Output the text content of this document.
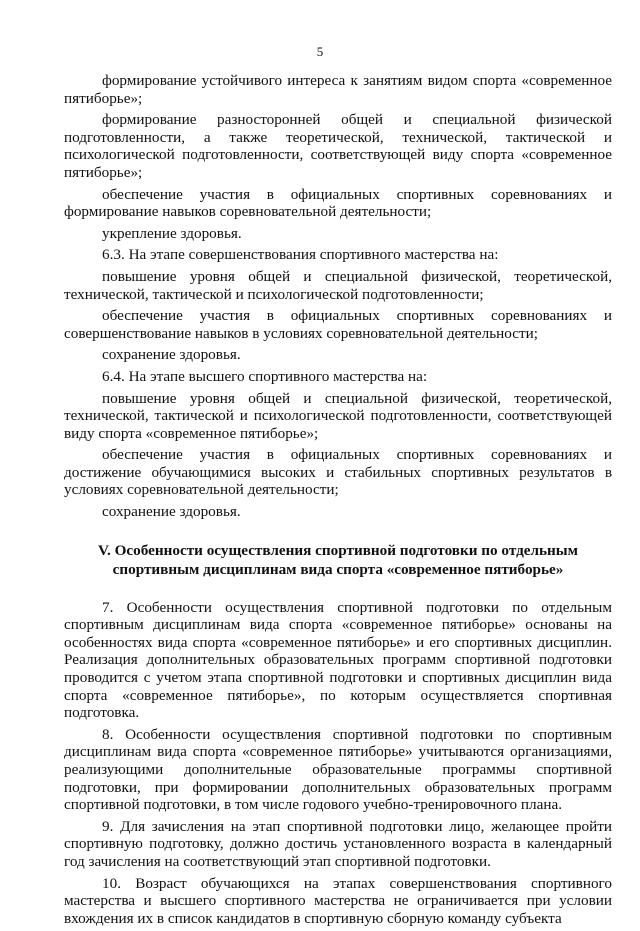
5

формирование устойчивого интереса к занятиям видом спорта «современное пятиборье»;

формирование разносторонней общей и специальной физической подготовленности, а также теоретической, технической, тактической и психологической подготовленности, соответствующей виду спорта «современное пятиборье»;

обеспечение участия в официальных спортивных соревнованиях и формирование навыков соревновательной деятельности;

укрепление здоровья.

6.3. На этапе совершенствования спортивного мастерства на:

повышение уровня общей и специальной физической, теоретической, технической, тактической и психологической подготовленности;

обеспечение участия в официальных спортивных соревнованиях и совершенствование навыков в условиях соревновательной деятельности;

сохранение здоровья.

6.4. На этапе высшего спортивного мастерства на:

повышение уровня общей и специальной физической, теоретической, технической, тактической и психологической подготовленности, соответствующей виду спорта «современное пятиборье»;

обеспечение участия в официальных спортивных соревнованиях и достижение обучающимися высоких и стабильных спортивных результатов в условиях соревновательной деятельности;

сохранение здоровья.

V. Особенности осуществления спортивной подготовки по отдельным спортивным дисциплинам вида спорта «современное пятиборье»

7. Особенности осуществления спортивной подготовки по отдельным спортивным дисциплинам вида спорта «современное пятиборье» основаны на особенностях вида спорта «современное пятиборье» и его спортивных дисциплин. Реализация дополнительных образовательных программ спортивной подготовки проводится с учетом этапа спортивной подготовки и спортивных дисциплин вида спорта «современное пятиборье», по которым осуществляется спортивная подготовка.

8. Особенности осуществления спортивной подготовки по спортивным дисциплинам вида спорта «современное пятиборье» учитываются организациями, реализующими дополнительные образовательные программы спортивной подготовки, при формировании дополнительных образовательных программ спортивной подготовки, в том числе годового учебно-тренировочного плана.

9. Для зачисления на этап спортивной подготовки лицо, желающее пройти спортивную подготовку, должно достичь установленного возраста в календарный год зачисления на соответствующий этап спортивной подготовки.

10. Возраст обучающихся на этапах совершенствования спортивного мастерства и высшего спортивного мастерства не ограничивается при условии вхождения их в список кандидатов в спортивную сборную команду субъекта
